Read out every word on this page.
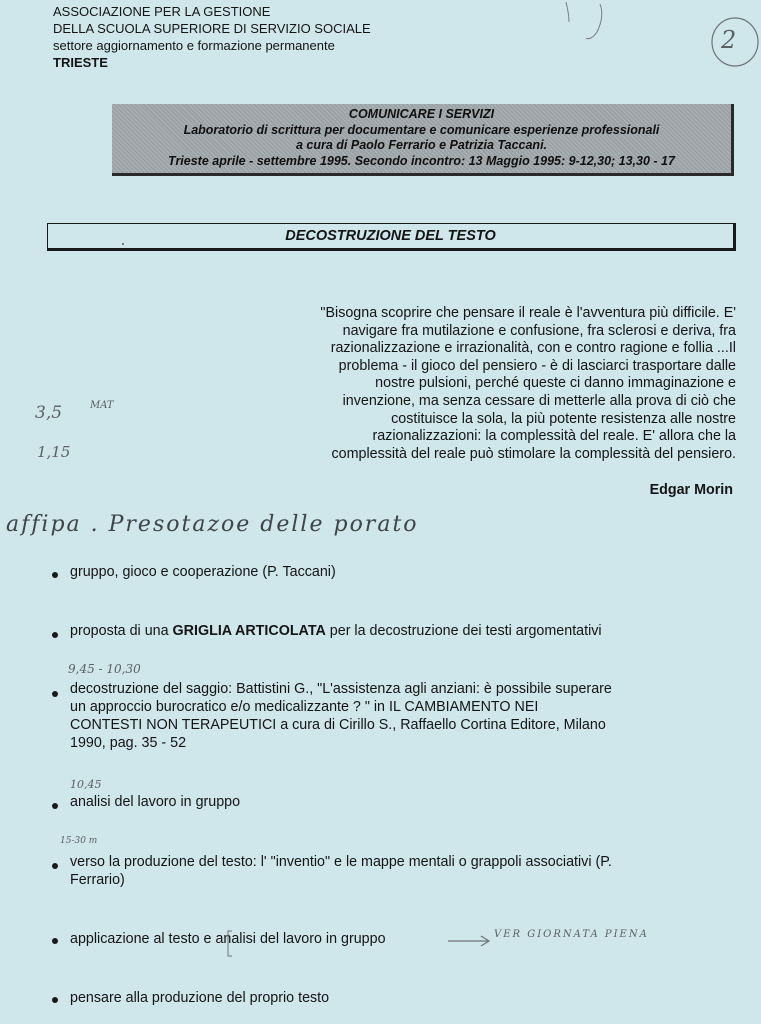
ASSOCIAZIONE PER LA GESTIONE
DELLA SCUOLA SUPERIORE DI SERVIZIO SOCIALE
settore aggiornamento e formazione permanente
TRIESTE
COMUNICARE I SERVIZI
Laboratorio di scrittura per documentare e comunicare esperienze professionali
a cura di Paolo Ferrario e Patrizia Taccani.
Trieste aprile - settembre 1995. Secondo incontro: 13 Maggio 1995: 9-12,30; 13,30 - 17
DECOSTRUZIONE DEL TESTO
"Bisogna scoprire che pensare il reale è l'avventura più difficile. E'
navigare fra mutilazione e confusione, fra sclerosi e deriva, fra
razionalizzazione e irrazionalità, con e contro ragione e follia ...Il
problema - il gioco del pensiero - è di lasciarci trasportare dalle
nostre pulsioni, perché queste ci danno immaginazione e
invenzione, ma senza cessare di metterle alla prova di ciò che
costituisce la sola, la più potente resistenza alle nostre
razionalizzazioni: la complessità del reale. E' allora che la
complessità del reale può stimolare la complessità del pensiero.
Edgar Morin
gruppo, gioco e cooperazione (P. Taccani)
proposta di una GRIGLIA ARTICOLATA per la decostruzione dei testi argomentativi
decostruzione del saggio: Battistini G., "L'assistenza agli anziani: è possibile superare
un approccio burocratico e/o medicalizzante ? " in IL CAMBIAMENTO NEI
CONTESTI NON TERAPEUTICI a cura di Cirillo S., Raffaello Cortina Editore, Milano
1990, pag. 35 - 52
analisi del lavoro in gruppo
verso la produzione del testo: l' "inventio" e le mappe mentali o grappoli associativi (P.
Ferrario)
applicazione al testo e analisi del lavoro in gruppo
pensare alla produzione del proprio testo
2
3,5	MAT
1,15
affipa . Presotazoe delle porato
9,45 - 10,30
10,45
15-30 m
VER GIORNATA PIENA
